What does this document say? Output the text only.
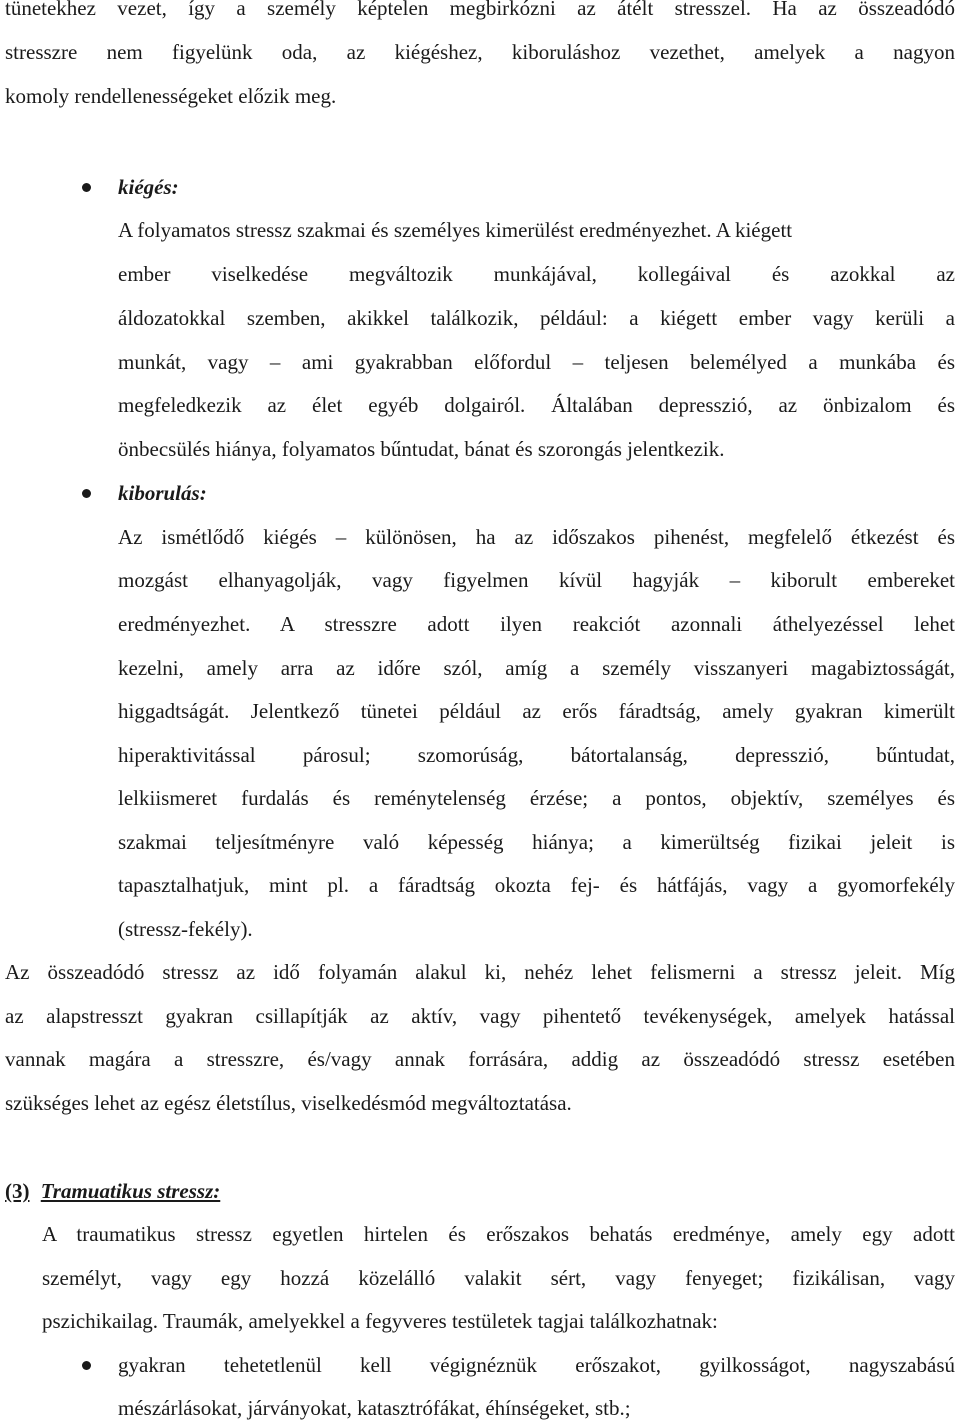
tünetekhez vezet, így a személy képtelen megbirkózni az átélt stresszel. Ha az összeadódó
stresszre nem figyelünk oda, az kiégéshez, kiboruláshoz vezethet, amelyek a nagyon
komoly rendellenességeket előzik meg.
kiégés:
A folyamatos stressz szakmai és személyes kimerülést eredményezhet. A kiégett
ember viselkedése megváltozik munkájával, kollegáival és azokkal az
áldozatokkal szemben, akikkel találkozik, például: a kiégett ember vagy kerüli a
munkát, vagy – ami gyakrabban előfordul – teljesen belemélyed a munkába és
megfeledkezik az élet egyéb dolgairól. Általában depresszió, az önbizalom és
önbecsülés hiánya, folyamatos bűntudat, bánat és szorongás jelentkezik.
kiborulás:
Az ismétlődő kiégés – különösen, ha az időszakos pihenést, megfelelő étkezést és
mozgást elhanyagolják, vagy figyelmen kívül hagyják – kiborult embereket
eredményezhet. A stresszre adott ilyen reakciót azonnali áthelyezéssel lehet
kezelni, amely arra az időre szól, amíg a személy visszanyeri magabiztosságát,
higgadtságát. Jelentkező tünetei például az erős fáradtság, amely gyakran kimerült
hiperaktivitással párosul; szomorúság, bátortalanság, depresszió, bűntudat,
lelkiismeret furdalás és reménytelenség érzése; a pontos, objektív, személyes és
szakmai teljesítményre való képesség hiánya; a kimerültség fizikai jeleit is
tapasztalhatjuk, mint pl. a fáradtság okozta fej- és hátfájás, vagy a gyomorfekély
(stressz-fekély).
Az összeadódó stressz az idő folyamán alakul ki, nehéz lehet felismerni a stressz jeleit. Míg
az alapstresszt gyakran csillapítják az aktív, vagy pihentető tevékenységek, amelyek hatással
vannak magára a stresszre, és/vagy annak forrására, addig az összeadódó stressz esetében
szükséges lehet az egész életstílus, viselkedésmód megváltoztatása.
(3) Tramuatikus stressz:
A traumatikus stressz egyetlen hirtelen és erőszakos behatás eredménye, amely egy adott
személyt, vagy egy hozzá közelálló valakit sért, vagy fenyeget; fizikálisan, vagy
pszichikailag. Traumák, amelyekkel a fegyveres testületek tagjai találkozhatnak:
gyakran tehetetlenül kell végignéznük erőszakot, gyilkosságot, nagyszabású
mészárlásokat, járványokat, katasztrófákat, éhínségeket, stb.;
